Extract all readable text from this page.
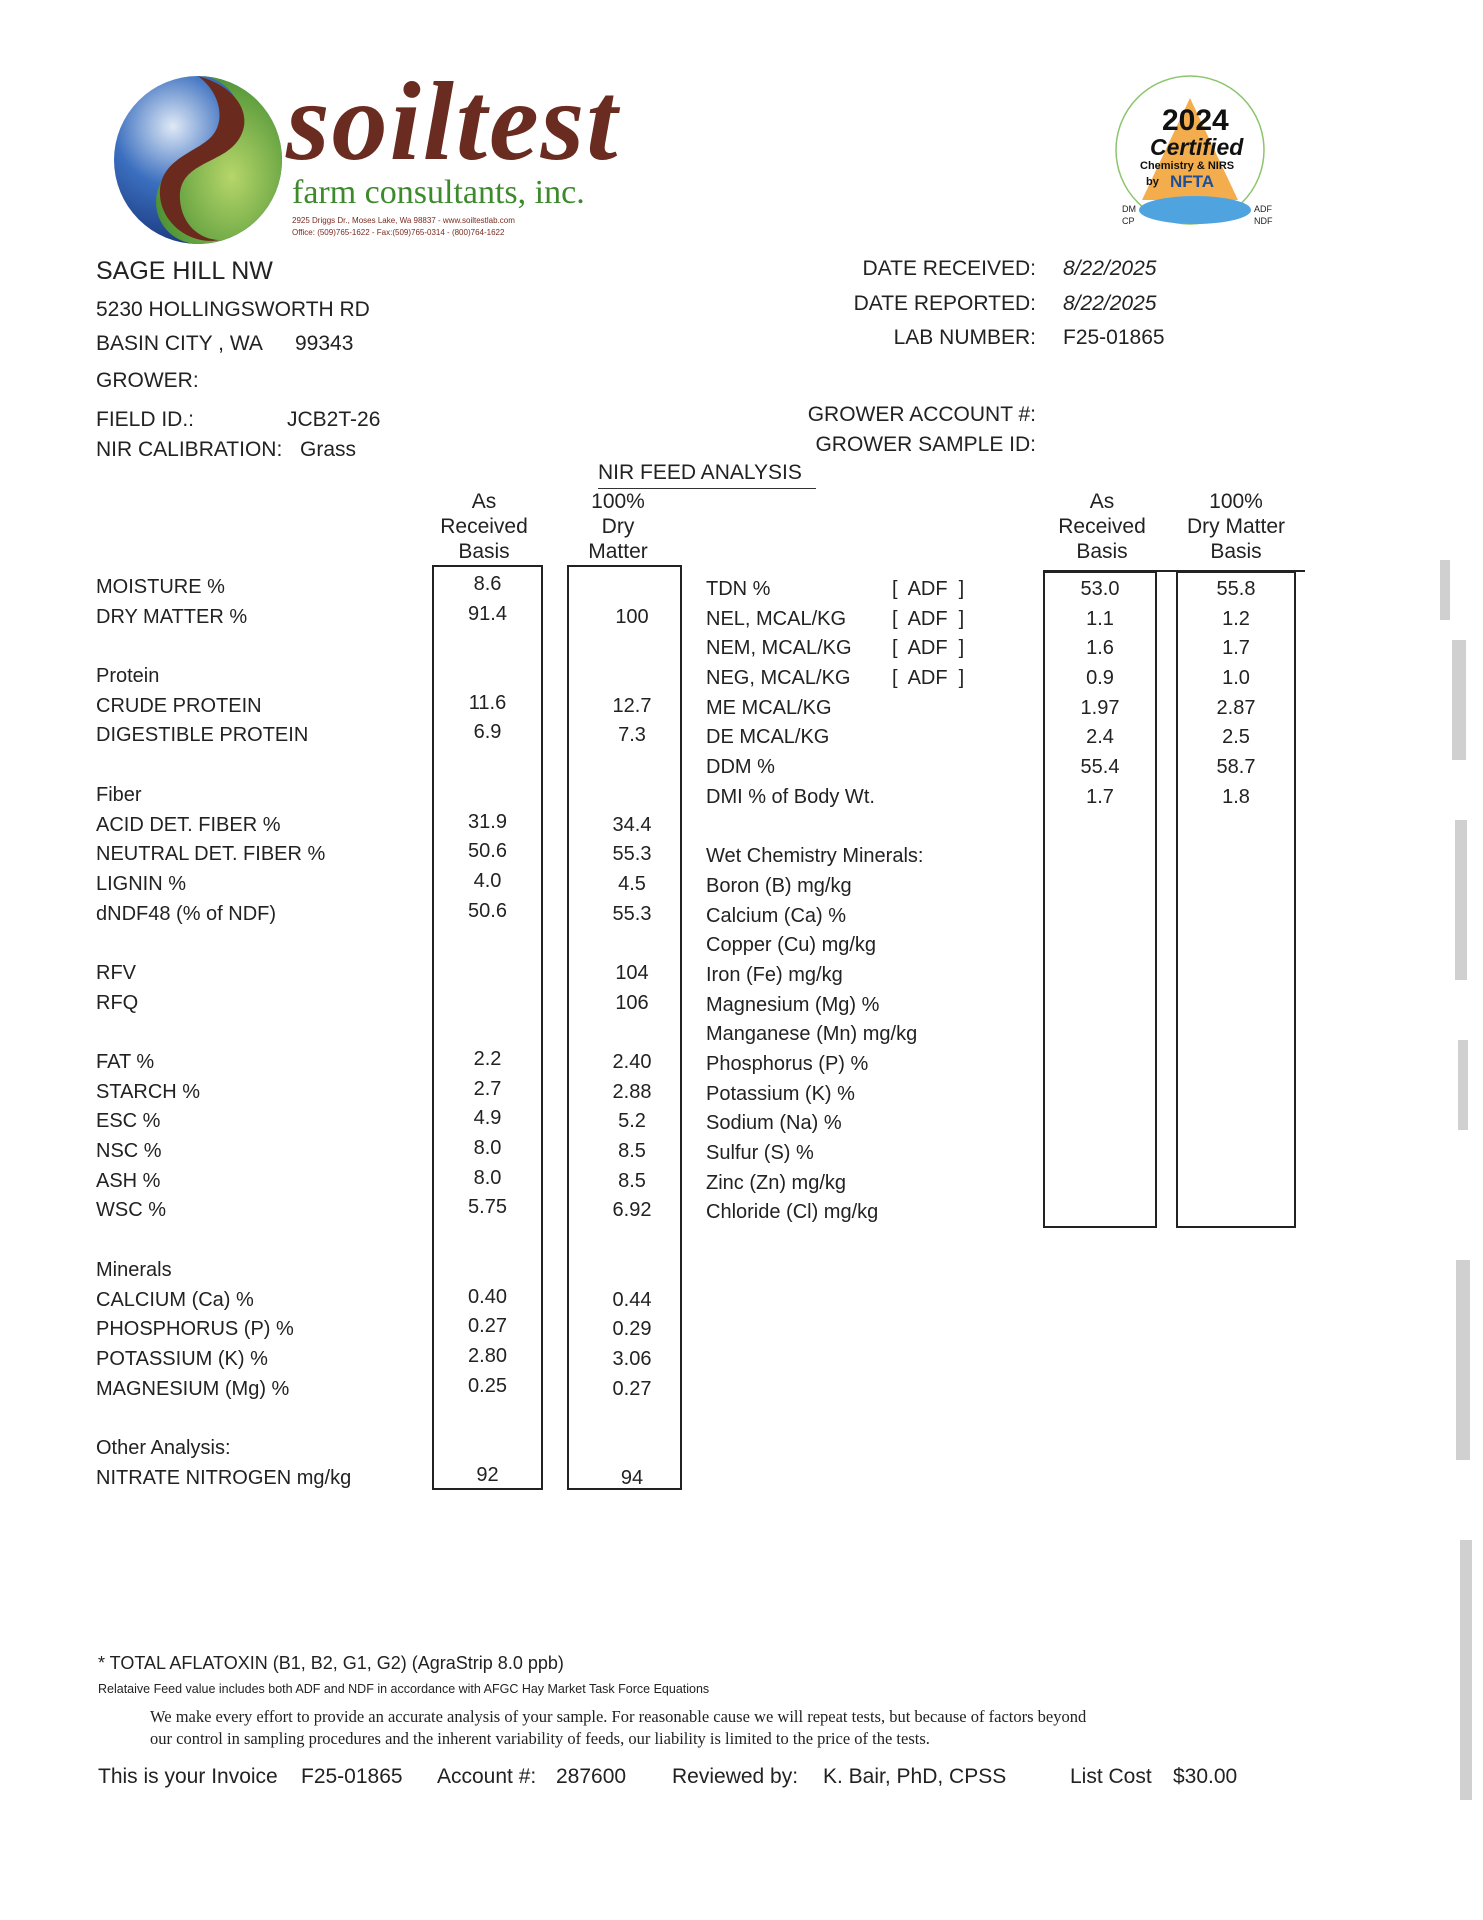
soiltest
farm consultants, inc.
2925 Driggs Dr., Moses Lake, Wa 98837 - www.soiltestlab.com
Office: (509)765-1622 - Fax:(509)765-0314 - (800)764-1622
2024
Certified
Chemistry & NIRS
by NFTA
DM
CP
ADF
NDF
SAGE HILL NW
5230 HOLLINGSWORTH RD
BASIN CITY , WA 99343
GROWER:
FIELD ID.:	JCB2T-26
NIR CALIBRATION: Grass
DATE RECEIVED: 8/22/2025
DATE REPORTED: 8/22/2025
LAB NUMBER: F25-01865
GROWER ACCOUNT #:
GROWER SAMPLE ID:
NIR FEED ANALYSIS
As
Received
Basis
100%
Dry
Matter
As
Received
Basis
100%
Dry Matter
Basis
MOISTURE %
DRY MATTER %
Protein
CRUDE PROTEIN
DIGESTIBLE PROTEIN
Fiber
ACID DET. FIBER %
NEUTRAL DET. FIBER %
LIGNIN %
dNDF48 (% of NDF)
RFV
RFQ
FAT %
STARCH %
ESC %
NSC %
ASH %
WSC %
Minerals
CALCIUM (Ca) %
PHOSPHORUS (P) %
POTASSIUM (K) %
MAGNESIUM (Mg) %
Other Analysis:
NITRATE NITROGEN mg/kg
8.6
91.4
11.6
6.9
31.9
50.6
4.0
50.6
2.2
2.7
4.9
8.0
8.0
5.75
0.40
0.27
2.80
0.25
92
100
12.7
7.3
34.4
55.3
4.5
55.3
104
106
2.40
2.88
5.2
8.5
8.5
6.92
0.44
0.29
3.06
0.27
94
TDN %
NEL, MCAL/KG
NEM, MCAL/KG
NEG, MCAL/KG
ME MCAL/KG
DE MCAL/KG
DDM %
DMI % of Body Wt.
Wet Chemistry Minerals:
Boron (B) mg/kg
Calcium (Ca) %
Copper (Cu) mg/kg
Iron (Fe) mg/kg
Magnesium (Mg) %
Manganese (Mn) mg/kg
Phosphorus (P) %
Potassium (K) %
Sodium (Na) %
Sulfur (S) %
Zinc (Zn) mg/kg
Chloride (Cl) mg/kg
[  ADF  ]
[  ADF  ]
[  ADF  ]
[  ADF  ]
53.0
1.1
1.6
0.9
1.97
2.4
55.4
1.7
55.8
1.2
1.7
1.0
2.87
2.5
58.7
1.8
* TOTAL AFLATOXIN (B1, B2, G1, G2) (AgraStrip 8.0 ppb)
Relataive Feed value includes both ADF and NDF in accordance with AFGC Hay Market Task Force Equations
We make every effort to provide an accurate analysis of your sample. For reasonable cause we will repeat tests, but because of factors beyond
our control in sampling procedures and the inherent variability of feeds, our liability is limited to the price of the tests.
This is your Invoice F25-01865 Account #: 287600 Reviewed by: K. Bair, PhD, CPSS	List Cost $30.00
